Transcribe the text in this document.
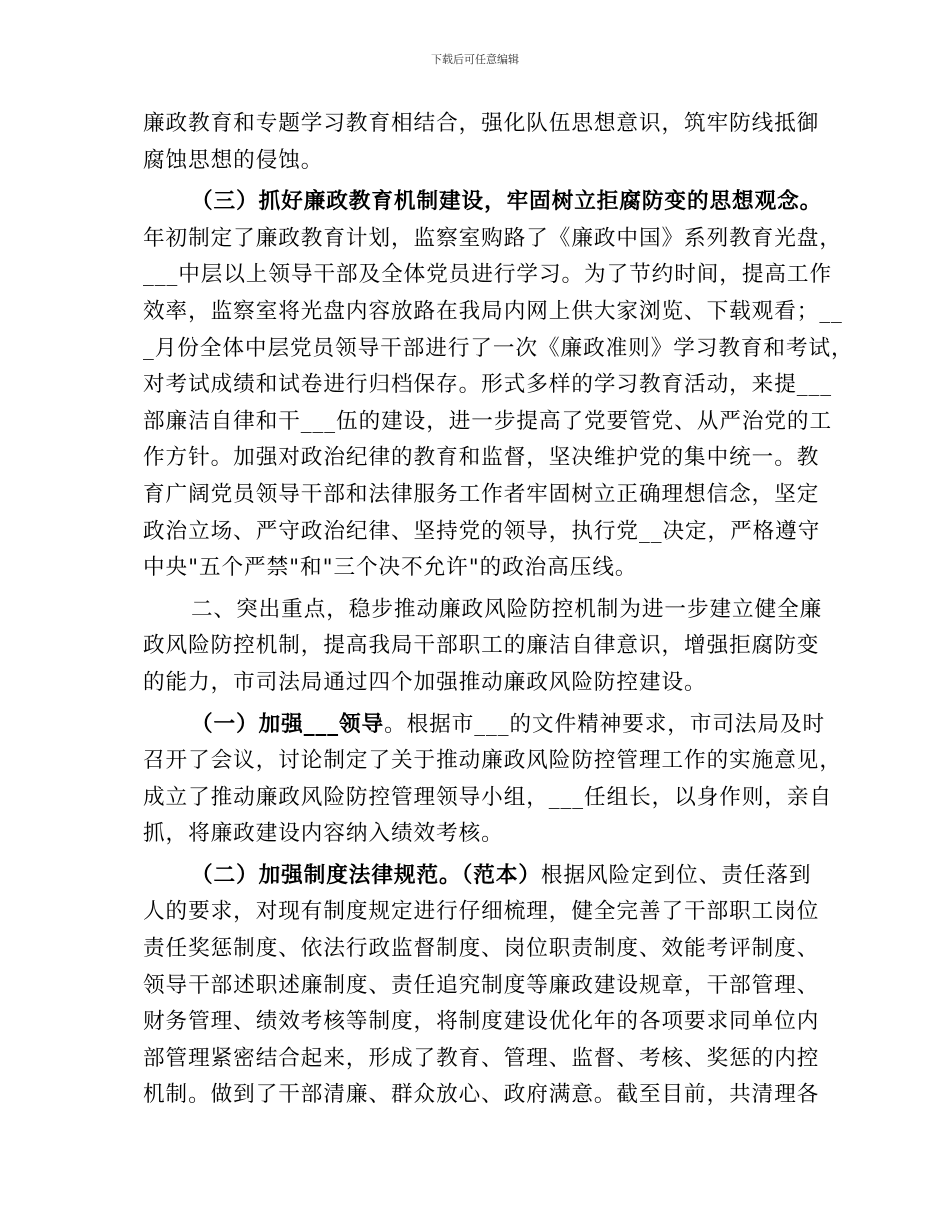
下载后可任意编辑
廉政教育和专题学习教育相结合，强化队伍思想意识，筑牢防线抵御
腐蚀思想的侵蚀。
（三）抓好廉政教育机制建设，牢固树立拒腐防变的思想观念。
年初制定了廉政教育计划，监察室购路了《廉政中国》系列教育光盘，
___中层以上领导干部及全体党员进行学习。为了节约时间，提高工作
效率，监察室将光盘内容放路在我局内网上供大家浏览、下载观看；__
_月份全体中层党员领导干部进行了一次《廉政准则》学习教育和考试，
对考试成绩和试卷进行归档保存。形式多样的学习教育活动，来提___
部廉洁自律和干___伍的建设，进一步提高了党要管党、从严治党的工
作方针。加强对政治纪律的教育和监督，坚决维护党的集中统一。教
育广阔党员领导干部和法律服务工作者牢固树立正确理想信念，坚定
政治立场、严守政治纪律、坚持党的领导，执行党__决定，严格遵守
中央"五个严禁"和"三个决不允许"的政治高压线。
二、突出重点，稳步推动廉政风险防控机制为进一步建立健全廉
政风险防控机制，提高我局干部职工的廉洁自律意识，增强拒腐防变
的能力，市司法局通过四个加强推动廉政风险防控建设。
（一）加强___领导。根据市___的文件精神要求，市司法局及时
召开了会议，讨论制定了关于推动廉政风险防控管理工作的实施意见，
成立了推动廉政风险防控管理领导小组，___任组长，以身作则，亲自
抓，将廉政建设内容纳入绩效考核。
（二）加强制度法律规范。（范本）根据风险定到位、责任落到
人的要求，对现有制度规定进行仔细梳理，健全完善了干部职工岗位
责任奖惩制度、依法行政监督制度、岗位职责制度、效能考评制度、
领导干部述职述廉制度、责任追究制度等廉政建设规章，干部管理、
财务管理、绩效考核等制度，将制度建设优化年的各项要求同单位内
部管理紧密结合起来，形成了教育、管理、监督、考核、奖惩的内控
机制。做到了干部清廉、群众放心、政府满意。截至目前，共清理各
